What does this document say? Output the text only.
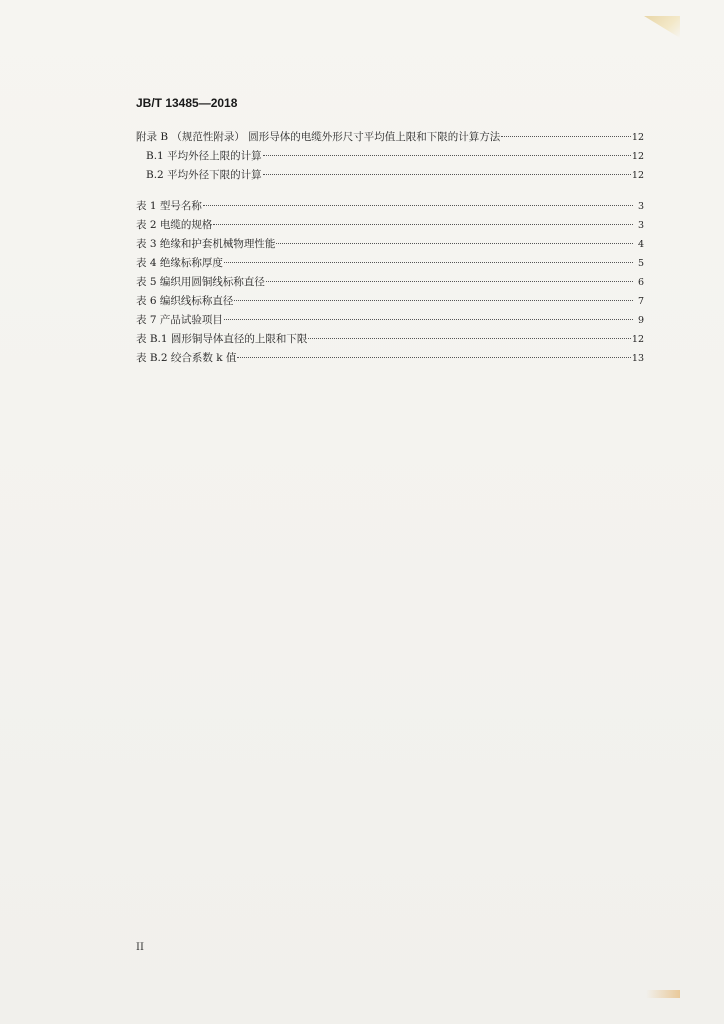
JB/T 13485—2018
附录 B （规范性附录） 圆形导体的电缆外形尺寸平均值上限和下限的计算方法	12
B.1 平均外径上限的计算	12
B.2 平均外径下限的计算	12
表 1 型号名称	3
表 2 电缆的规格	3
表 3 绝缘和护套机械物理性能	4
表 4 绝缘标称厚度	5
表 5 编织用圆铜线标称直径	6
表 6 编织线标称直径	7
表 7 产品试验项目	9
表 B.1 圆形铜导体直径的上限和下限	12
表 B.2 绞合系数 k 值	13
II
